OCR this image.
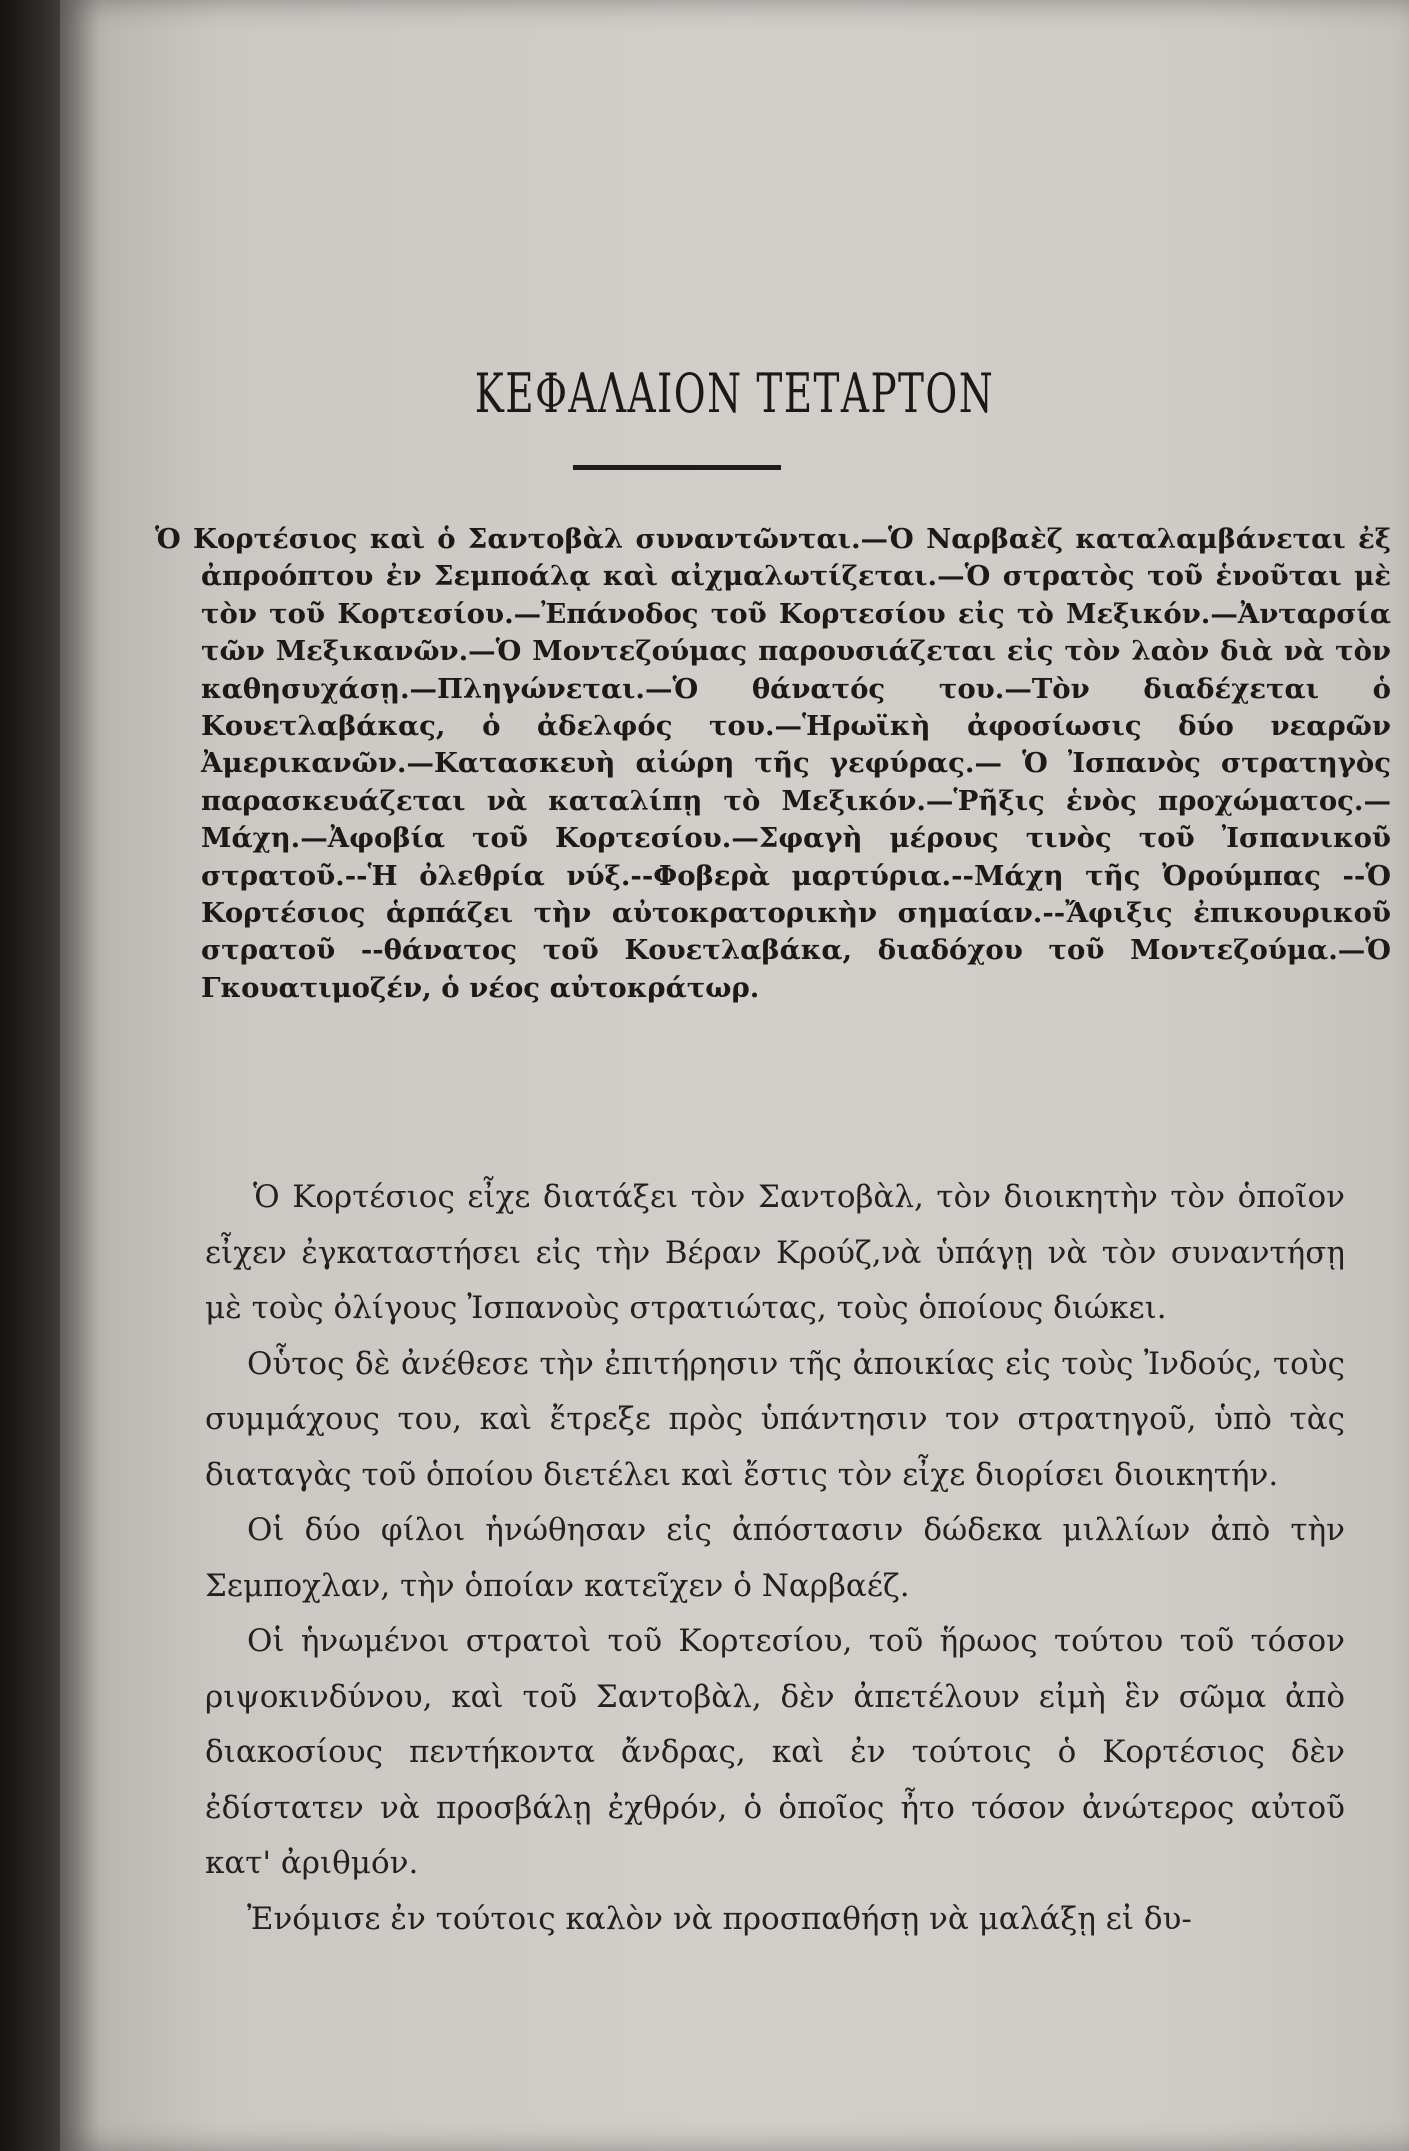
ΚΕΦΑΛΑΙΟΝ ΤΕΤΑΡΤΟΝ
Ὁ Κορτέσιος καὶ ὁ Σαντοβὰλ συναντῶνται.—Ὁ Ναρβαὲζ καταλαμβάνεται ἐξ ἀπροόπτου ἐν Σεμποάλᾳ καὶ αἰχμαλωτίζεται.—Ὁ στρατὸς τοῦ ἑνοῦται μὲ τὸν τοῦ Κορτεσίου.—Ἐπάνοδος τοῦ Κορτεσίου εἰς τὸ Μεξικόν.—Ἀνταρσία τῶν Μεξικανῶν.—Ὁ Μοντεζούμας παρουσιάζεται εἰς τὸν λαὸν διὰ νὰ τὸν καθησυχάσῃ.—Πληγώνεται.—Ὁ θάνατός του.—Τὸν διαδέχεται ὁ Κουετλαβάκας, ὁ ἀδελφός του.—Ἡρωϊκὴ ἀφοσίωσις δύο νεαρῶν Ἀμερικανῶν.—Κατασκευὴ αἰώρη τῆς γεφύρας.— Ὁ Ἰσπανὸς στρατηγὸς παρασκευάζεται νὰ καταλίπῃ τὸ Μεξικόν.—Ῥῆξις ἑνὸς προχώματος.—Μάχη.—Ἀφοβία τοῦ Κορτεσίου.—Σφαγὴ μέρους τινὸς τοῦ Ἰσπανικοῦ στρατοῦ.--Ἡ ὀλεθρία νύξ.--Φοβερὰ μαρτύρια.--Μάχη τῆς Ὀρούμπας --Ὁ Κορτέσιος ἁρπάζει τὴν αὐτοκρατορικὴν σημαίαν.--Ἄφιξις ἐπικουρικοῦ στρατοῦ --θάνατος τοῦ Κουετλαβάκα, διαδόχου τοῦ Μοντεζούμα.—Ὁ Γκουατιμοζέν, ὁ νέος αὐτοκράτωρ.

Ὁ Κορτέσιος εἶχε διατάξει τὸν Σαντοβὰλ, τὸν διοικητὴν τὸν ὁποῖον εἶχεν ἐγκαταστήσει εἰς τὴν Βέραν Κρούζ,νὰ ὑπάγῃ νὰ τὸν συναντήσῃ μὲ τοὺς ὀλίγους Ἰσπανοὺς στρατιώτας, τοὺς ὁποίους διώκει.

Οὗτος δὲ ἀνέθεσε τὴν ἐπιτήρησιν τῆς ἀποικίας εἰς τοὺς Ἰνδούς, τοὺς συμμάχους του, καὶ ἔτρεξε πρὸς ὑπάντησιν τον στρατηγοῦ, ὑπὸ τὰς διαταγὰς τοῦ ὁποίου διετέλει καὶ ἔστις τὸν εἶχε διορίσει διοικητήν.

Οἱ δύο φίλοι ἡνώθησαν εἰς ἀπόστασιν δώδεκα μιλλίων ἀπὸ τὴν Σεμποχλαν, τὴν ὁποίαν κατεῖχεν ὁ Ναρβαέζ.

Οἱ ἡνωμένοι στρατοὶ τοῦ Κορτεσίου, τοῦ ἥρωος τούτου τοῦ τόσον ριψοκινδύνου, καὶ τοῦ Σαντοβὰλ, δὲν ἀπετέλουν εἰμὴ ἓν σῶμα ἀπὸ διακοσίους πεντήκοντα ἄνδρας, καὶ ἐν τούτοις ὁ Κορτέσιος δὲν ἐδίστατεν νὰ προσβάλῃ ἐχθρόν, ὁ ὁποῖος ἦτο τόσον ἀνώτερος αὐτοῦ κατ' ἀριθμόν.

Ἐνόμισε ἐν τούτοις καλὸν νὰ προσπαθήσῃ νὰ μαλάξῃ εἰ δυ-
